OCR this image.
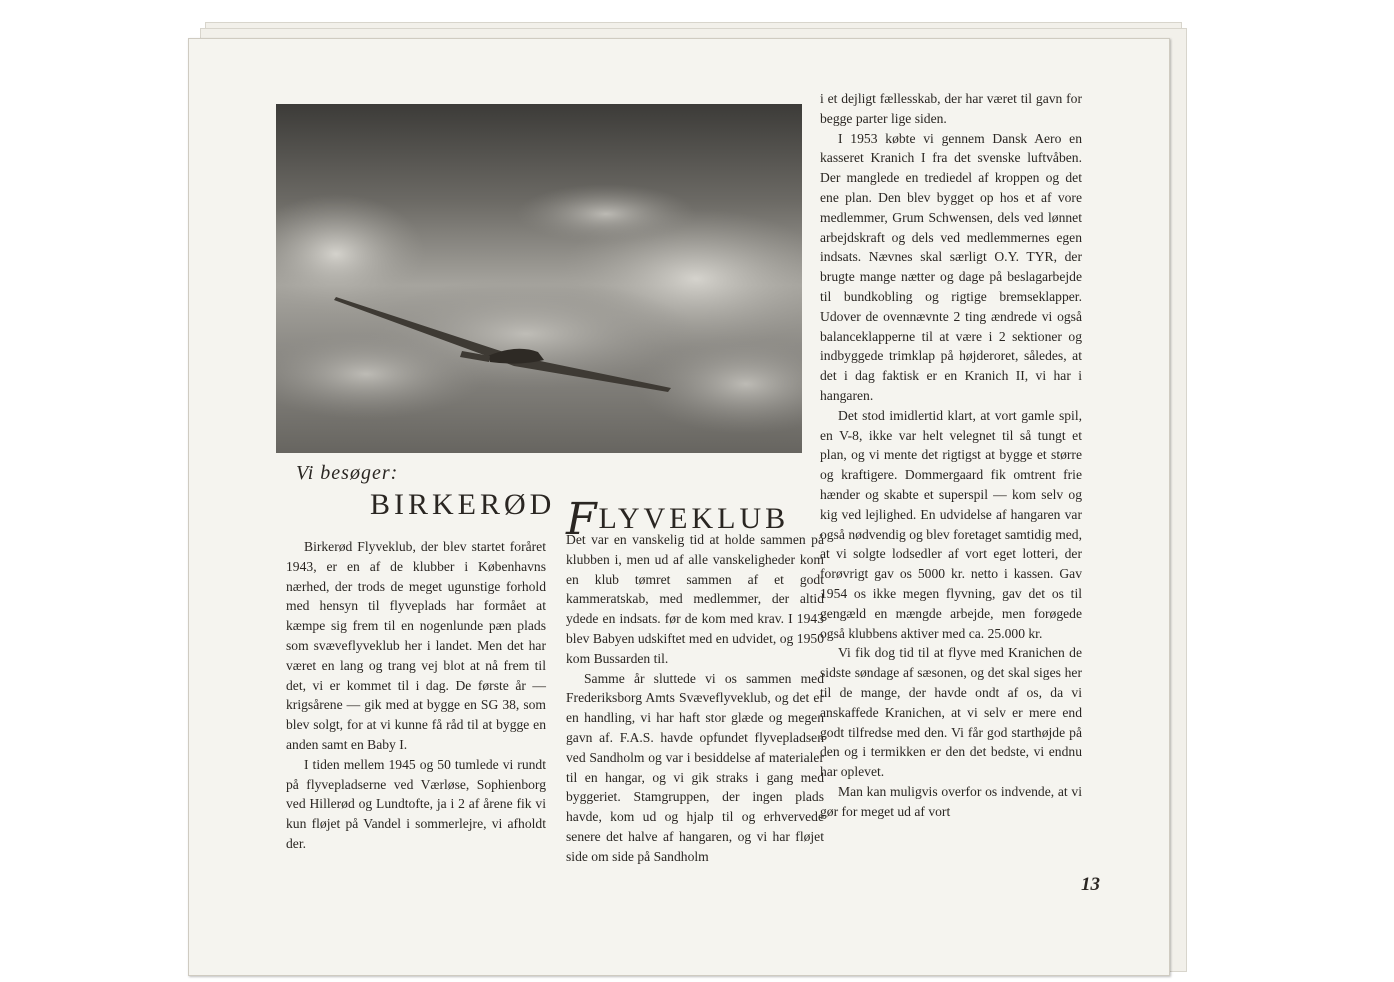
Vi besøger:
BIRKERØD FLYVEKLUB

Birkerød Flyveklub, der blev startet foråret 1943, er en af de klubber i Københavns nærhed, der trods de meget ugunstige forhold med hensyn til flyveplads har formået at kæmpe sig frem til en nogenlunde pæn plads som svæveflyveklub her i landet. Men det har været en lang og trang vej blot at nå frem til det, vi er kommet til i dag. De første år — krigsårene — gik med at bygge en SG 38, som blev solgt, for at vi kunne få råd til at bygge en anden samt en Baby I.

I tiden mellem 1945 og 50 tumlede vi rundt på flyvepladserne ved Værløse, Sophienborg ved Hillerød og Lundtofte, ja i 2 af årene fik vi kun fløjet på Vandel i sommerlejre, vi afholdt der.

Det var en vanskelig tid at holde sammen på klubben i, men ud af alle vanskeligheder kom en klub tømret sammen af et godt kammeratskab, med medlemmer, der altid ydede en indsats. før de kom med krav. I 1943 blev Babyen udskiftet med en udvidet, og 1950 kom Bussarden til.

Samme år sluttede vi os sammen med Frederiksborg Amts Svæveflyveklub, og det er en handling, vi har haft stor glæde og megen gavn af. F.A.S. havde opfundet flyvepladsen ved Sandholm og var i besiddelse af materialer til en hangar, og vi gik straks i gang med byggeriet. Stamgruppen, der ingen plads havde, kom ud og hjalp til og erhvervede senere det halve af hangaren, og vi har fløjet side om side på Sandholm

i et dejligt fællesskab, der har været til gavn for begge parter lige siden.

I 1953 købte vi gennem Dansk Aero en kasseret Kranich I fra det svenske luftvåben. Der manglede en trediedel af kroppen og det ene plan. Den blev bygget op hos et af vore medlemmer, Grum Schwensen, dels ved lønnet arbejdskraft og dels ved medlemmernes egen indsats. Nævnes skal særligt O.Y. TYR, der brugte mange nætter og dage på beslagarbejde til bundkobling og rigtige bremseklapper. Udover de ovennævnte 2 ting ændrede vi også balanceklapperne til at være i 2 sektioner og indbyggede trimklap på højderoret, således, at det i dag faktisk er en Kranich II, vi har i hangaren.

Det stod imidlertid klart, at vort gamle spil, en V-8, ikke var helt velegnet til så tungt et plan, og vi mente det rigtigst at bygge et større og kraftigere. Dommergaard fik omtrent frie hænder og skabte et superspil — kom selv og kig ved lejlighed. En udvidelse af hangaren var også nødvendig og blev foretaget samtidig med, at vi solgte lodsedler af vort eget lotteri, der forøvrigt gav os 5000 kr. netto i kassen. Gav 1954 os ikke megen flyvning, gav det os til gengæld en mængde arbejde, men forøgede også klubbens aktiver med ca. 25.000 kr.

Vi fik dog tid til at flyve med Kranichen de sidste søndage af sæsonen, og det skal siges her til de mange, der havde ondt af os, da vi anskaffede Kranichen, at vi selv er mere end godt tilfredse med den. Vi får god starthøjde på den og i termikken er den det bedste, vi endnu har oplevet.

Man kan muligvis overfor os indvende, at vi gør for meget ud af vort

13
